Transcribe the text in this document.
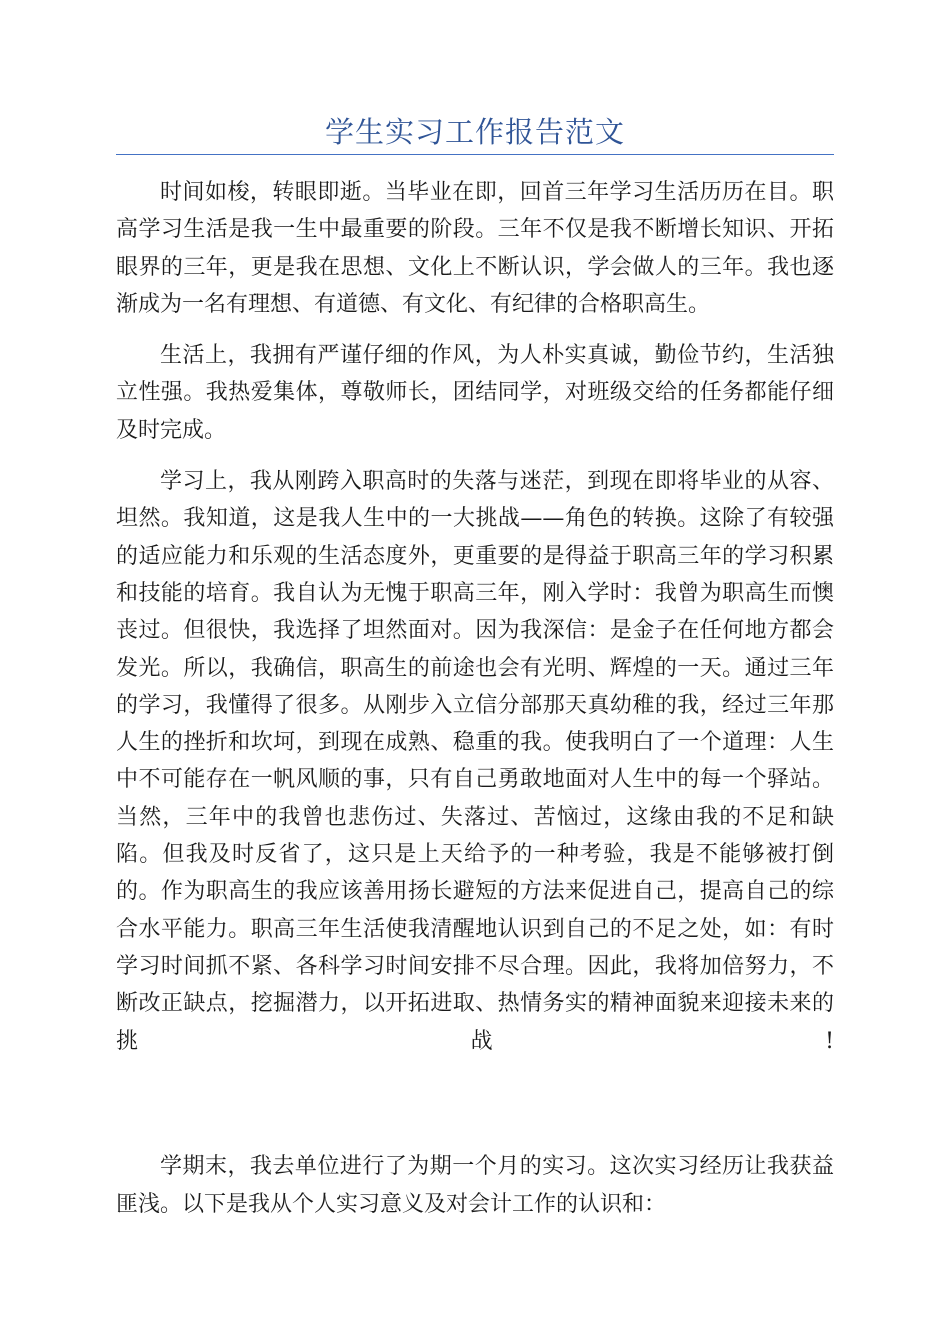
学生实习工作报告范文
时间如梭，转眼即逝。当毕业在即，回首三年学习生活历历在目。职
高学习生活是我一生中最重要的阶段。三年不仅是我不断增长知识、开拓
眼界的三年，更是我在思想、文化上不断认识，学会做人的三年。我也逐
渐成为一名有理想、有道德、有文化、有纪律的合格职高生。
生活上，我拥有严谨仔细的作风，为人朴实真诚，勤俭节约，生活独
立性强。我热爱集体，尊敬师长，团结同学，对班级交给的任务都能仔细
及时完成。
学习上，我从刚跨入职高时的失落与迷茫，到现在即将毕业的从容、
坦然。我知道，这是我人生中的一大挑战——角色的转换。这除了有较强
的适应能力和乐观的生活态度外，更重要的是得益于职高三年的学习积累
和技能的培育。我自认为无愧于职高三年，刚入学时：我曾为职高生而懊
丧过。但很快，我选择了坦然面对。因为我深信：是金子在任何地方都会
发光。所以，我确信，职高生的前途也会有光明、辉煌的一天。通过三年
的学习，我懂得了很多。从刚步入立信分部那天真幼稚的我，经过三年那
人生的挫折和坎坷，到现在成熟、稳重的我。使我明白了一个道理：人生
中不可能存在一帆风顺的事，只有自己勇敢地面对人生中的每一个驿站。
当然，三年中的我曾也悲伤过、失落过、苦恼过，这缘由我的不足和缺
陷。但我及时反省了，这只是上天给予的一种考验，我是不能够被打倒
的。作为职高生的我应该善用扬长避短的方法来促进自己，提高自己的综
合水平能力。职高三年生活使我清醒地认识到自己的不足之处，如：有时
学习时间抓不紧、各科学习时间安排不尽合理。因此，我将加倍努力，不
断改正缺点，挖掘潜力，以开拓进取、热情务实的精神面貌来迎接未来的
挑战!
学期末，我去单位进行了为期一个月的实习。这次实习经历让我获益
匪浅。以下是我从个人实习意义及对会计工作的认识和：
